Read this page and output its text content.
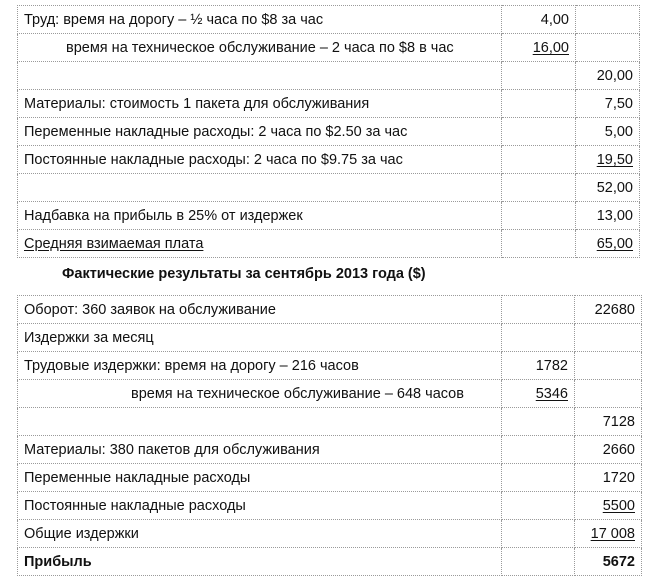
Труд: время на дорогу – ½ часа по $8 за час	4,00	
время на техническое обслуживание – 2 часа по $8 в час	16,00	
		20,00
Материалы: стоимость 1 пакета для обслуживания		7,50
Переменные накладные расходы: 2 часа по $2.50 за час		5,00
Постоянные накладные расходы: 2 часа по $9.75 за час		19,50
		52,00
Надбавка на прибыль в 25% от издержек		13,00
Средняя взимаемая плата		65,00
Фактические результаты за сентябрь 2013 года ($)
Оборот: 360 заявок на обслуживание		22680
Издержки за месяц		
Трудовые издержки: время на дорогу – 216 часов	1782	
время на техническое обслуживание – 648 часов	5346	
		7128
Материалы: 380 пакетов для обслуживания		2660
Переменные накладные расходы		1720
Постоянные накладные расходы		5500
Общие издержки		17 008
Прибыль		5672
